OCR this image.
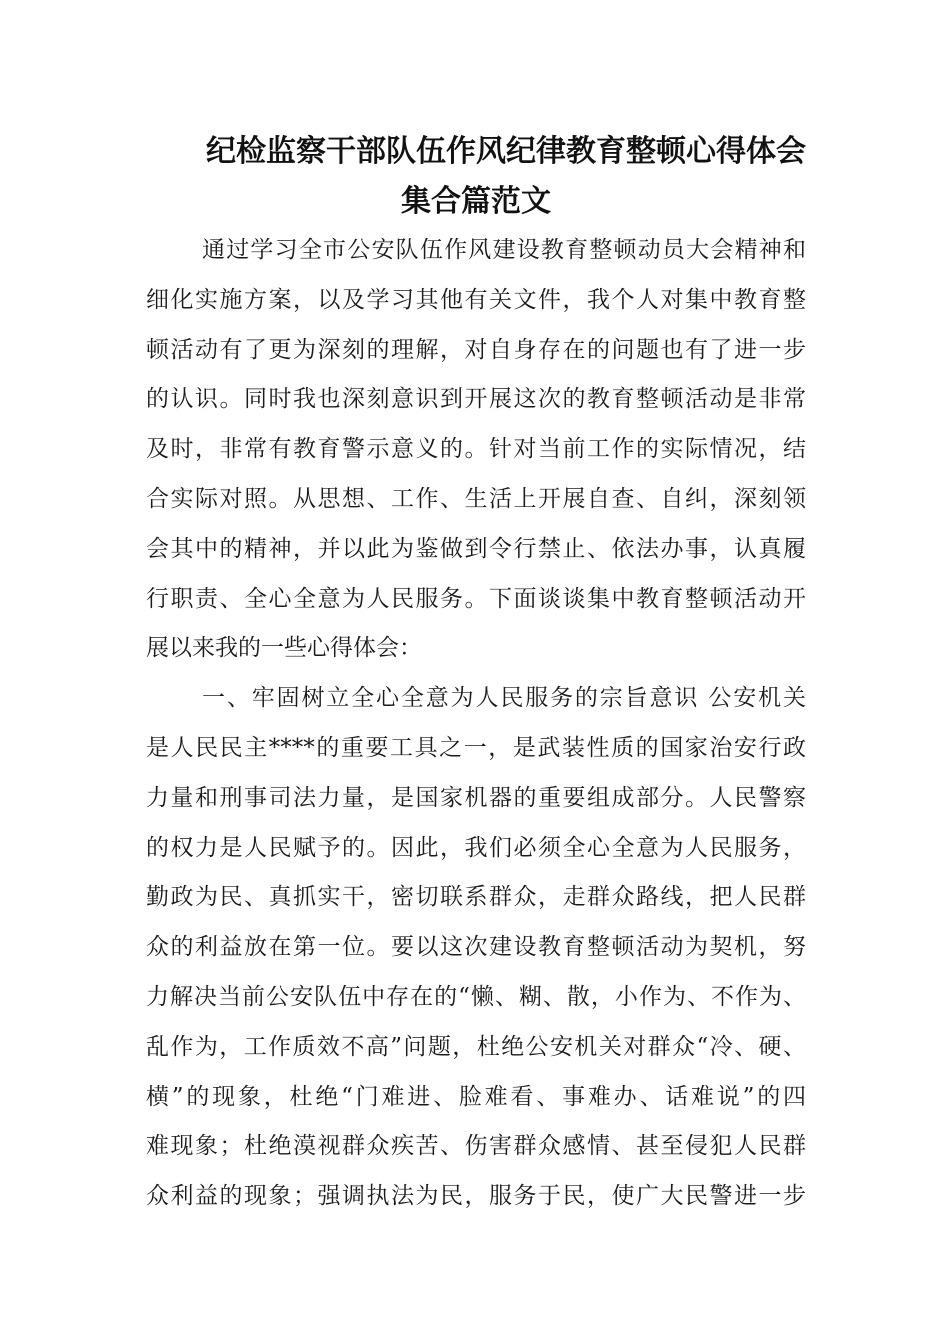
纪检监察干部队伍作风纪律教育整顿心得体会
集合篇范文
通过学习全市公安队伍作风建设教育整顿动员大会精神和
细化实施方案，以及学习其他有关文件，我个人对集中教育整
顿活动有了更为深刻的理解，对自身存在的问题也有了进一步
的认识。同时我也深刻意识到开展这次的教育整顿活动是非常
及时，非常有教育警示意义的。针对当前工作的实际情况，结
合实际对照。从思想、工作、生活上开展自查、自纠，深刻领
会其中的精神，并以此为鉴做到令行禁止、依法办事，认真履
行职责、全心全意为人民服务。下面谈谈集中教育整顿活动开
展以来我的一些心得体会：
一、牢固树立全心全意为人民服务的宗旨意识 公安机关
是人民民主****的重要工具之一，是武装性质的国家治安行政
力量和刑事司法力量，是国家机器的重要组成部分。人民警察
的权力是人民赋予的。因此，我们必须全心全意为人民服务，
勤政为民、真抓实干，密切联系群众，走群众路线，把人民群
众的利益放在第一位。要以这次建设教育整顿活动为契机，努
力解决当前公安队伍中存在的“懒、糊、散，小作为、不作为、
乱作为，工作质效不高”问题，杜绝公安机关对群众“冷、硬、
横”的现象，杜绝“门难进、脸难看、事难办、话难说”的四
难现象；杜绝漠视群众疾苦、伤害群众感情、甚至侵犯人民群
众利益的现象；强调执法为民，服务于民，使广大民警进一步
